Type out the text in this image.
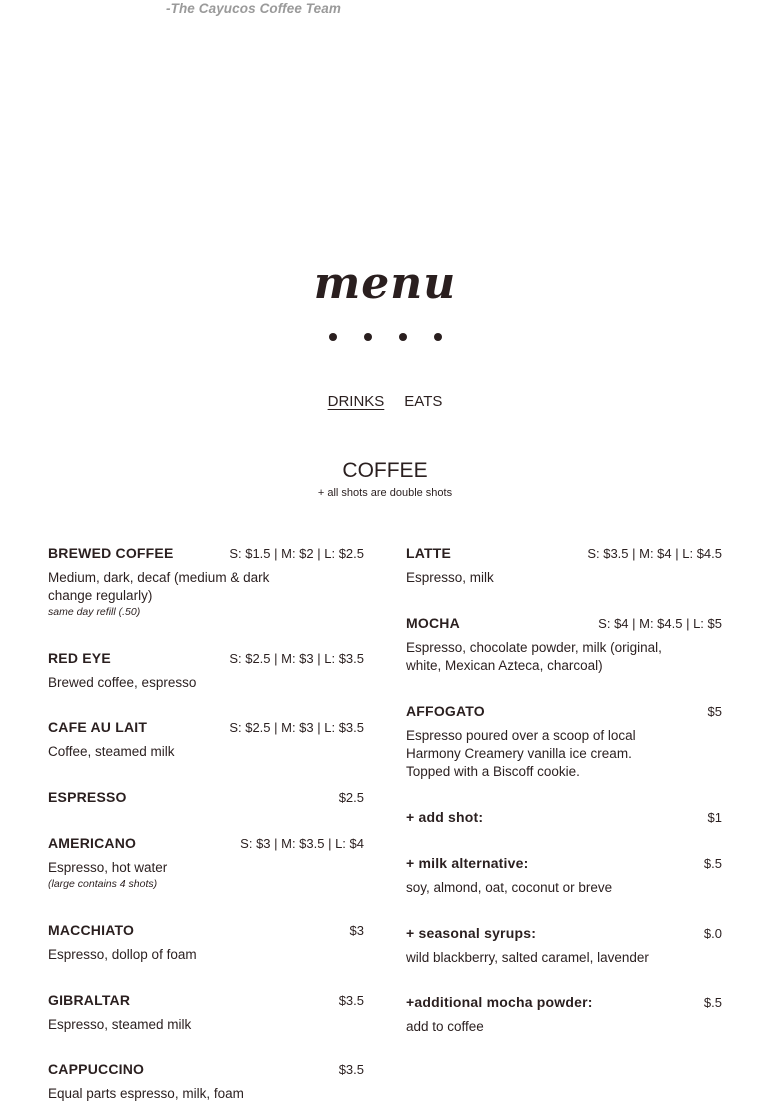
-The Cayucos Coffee Team
menu
DRINKS EATS
COFFEE
+ all shots are double shots
BREWED COFFEE	S: $1.5 | M: $2 | L: $2.5
Medium, dark, decaf (medium & dark change regularly)
same day refill (.50)
RED EYE	S: $2.5 | M: $3 | L: $3.5
Brewed coffee, espresso
CAFE AU LAIT	S: $2.5 | M: $3 | L: $3.5
Coffee, steamed milk
ESPRESSO	$2.5
AMERICANO	S: $3 | M: $3.5 | L: $4
Espresso, hot water
(large contains 4 shots)
MACCHIATO	$3
Espresso, dollop of foam
GIBRALTAR	$3.5
Espresso, steamed milk
CAPPUCCINO	$3.5
Equal parts espresso, milk, foam
LATTE	S: $3.5 | M: $4 | L: $4.5
Espresso, milk
MOCHA	S: $4 | M: $4.5 | L: $5
Espresso, chocolate powder, milk (original, white, Mexican Azteca, charcoal)
AFFOGATO	$5
Espresso poured over a scoop of local Harmony Creamery vanilla ice cream. Topped with a Biscoff cookie.
+ add shot:	$1
+ milk alternative:	$.5
soy, almond, oat, coconut or breve
+ seasonal syrups:	$.0
wild blackberry, salted caramel, lavender
+additional mocha powder:	$.5
add to coffee
